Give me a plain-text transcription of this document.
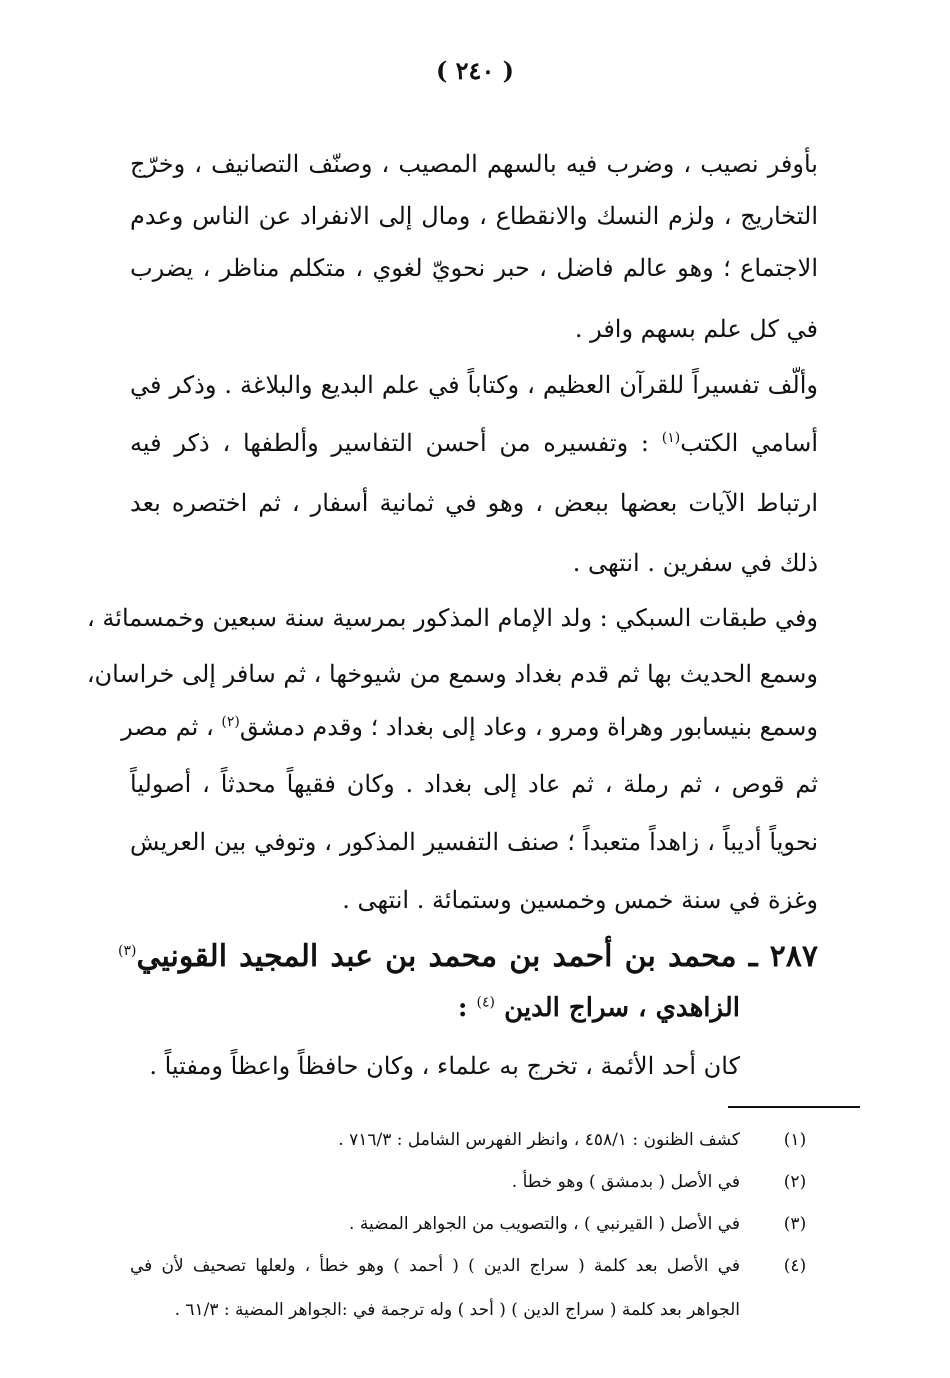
( ٢٤٠ )
بأوفر نصيب ، وضرب فيه بالسهم المصيب ، وصنّف التصانيف ، وخرّج
التخاريج ، ولزم النسك والانقطاع ، ومال إلى الانفراد عن الناس وعدم
الاجتماع ؛ وهو عالم فاضل ، حبر نحويّ لغوي ، متكلم مناظر ، يضرب
في كل علم بسهم وافر .
وألّف تفسيراً للقرآن العظيم ، وكتاباً في علم البديع والبلاغة . وذكر في
أسامي الكتب$^{(١)}$ : وتفسيره من أحسن التفاسير وألطفها ، ذكر فيه
ارتباط الآيات بعضها ببعض ، وهو في ثمانية أسفار ، ثم اختصره بعد
ذلك في سفرين . انتهى .
وفي طبقات السبكي : ولد الإمام المذكور بمرسية سنة سبعين وخمسمائة ،
وسمع الحديث بها ثم قدم بغداد وسمع من شيوخها ، ثم سافر إلى خراسان،
وسمع بنيسابور وهراة ومرو ، وعاد إلى بغداد ؛ وقدم دمشق$^{(٢)}$ ، ثم مصر
ثم قوص ، ثم رملة ، ثم عاد إلى بغداد . وكان فقيهاً محدثاً ، أصولياً
نحوياً أديباً ، زاهداً متعبداً ؛ صنف التفسير المذكور ، وتوفي بين العريش
وغزة في سنة خمس وخمسين وستمائة . انتهى .
٢٨٧ ـ محمد بن أحمد بن محمد بن عبد المجيد القونيي$^{(٣)}$
الزاهدي ، سراج الدين $^{(٤)}$ :
كان أحد الأئمة ، تخرج به علماء ، وكان حافظاً واعظاً ومفتياً .
(١)
كشف الظنون : ٤٥٨/١ ، وانظر الفهرس الشامل : ٧١٦/٣ .
(٢)
في الأصل ( بدمشق ) وهو خطأ .
(٣)
في الأصل ( القيرنبي ) ، والتصويب من الجواهر المضية .
(٤)
في الأصل بعد كلمة ( سراج الدين ) ( أحمد ) وهو خطأ ، ولعلها تصحيف لأن في
الجواهر بعد كلمة ( سراج الدين ) ( أحد ) وله ترجمة في :الجواهر المضية : ٦١/٣ .
